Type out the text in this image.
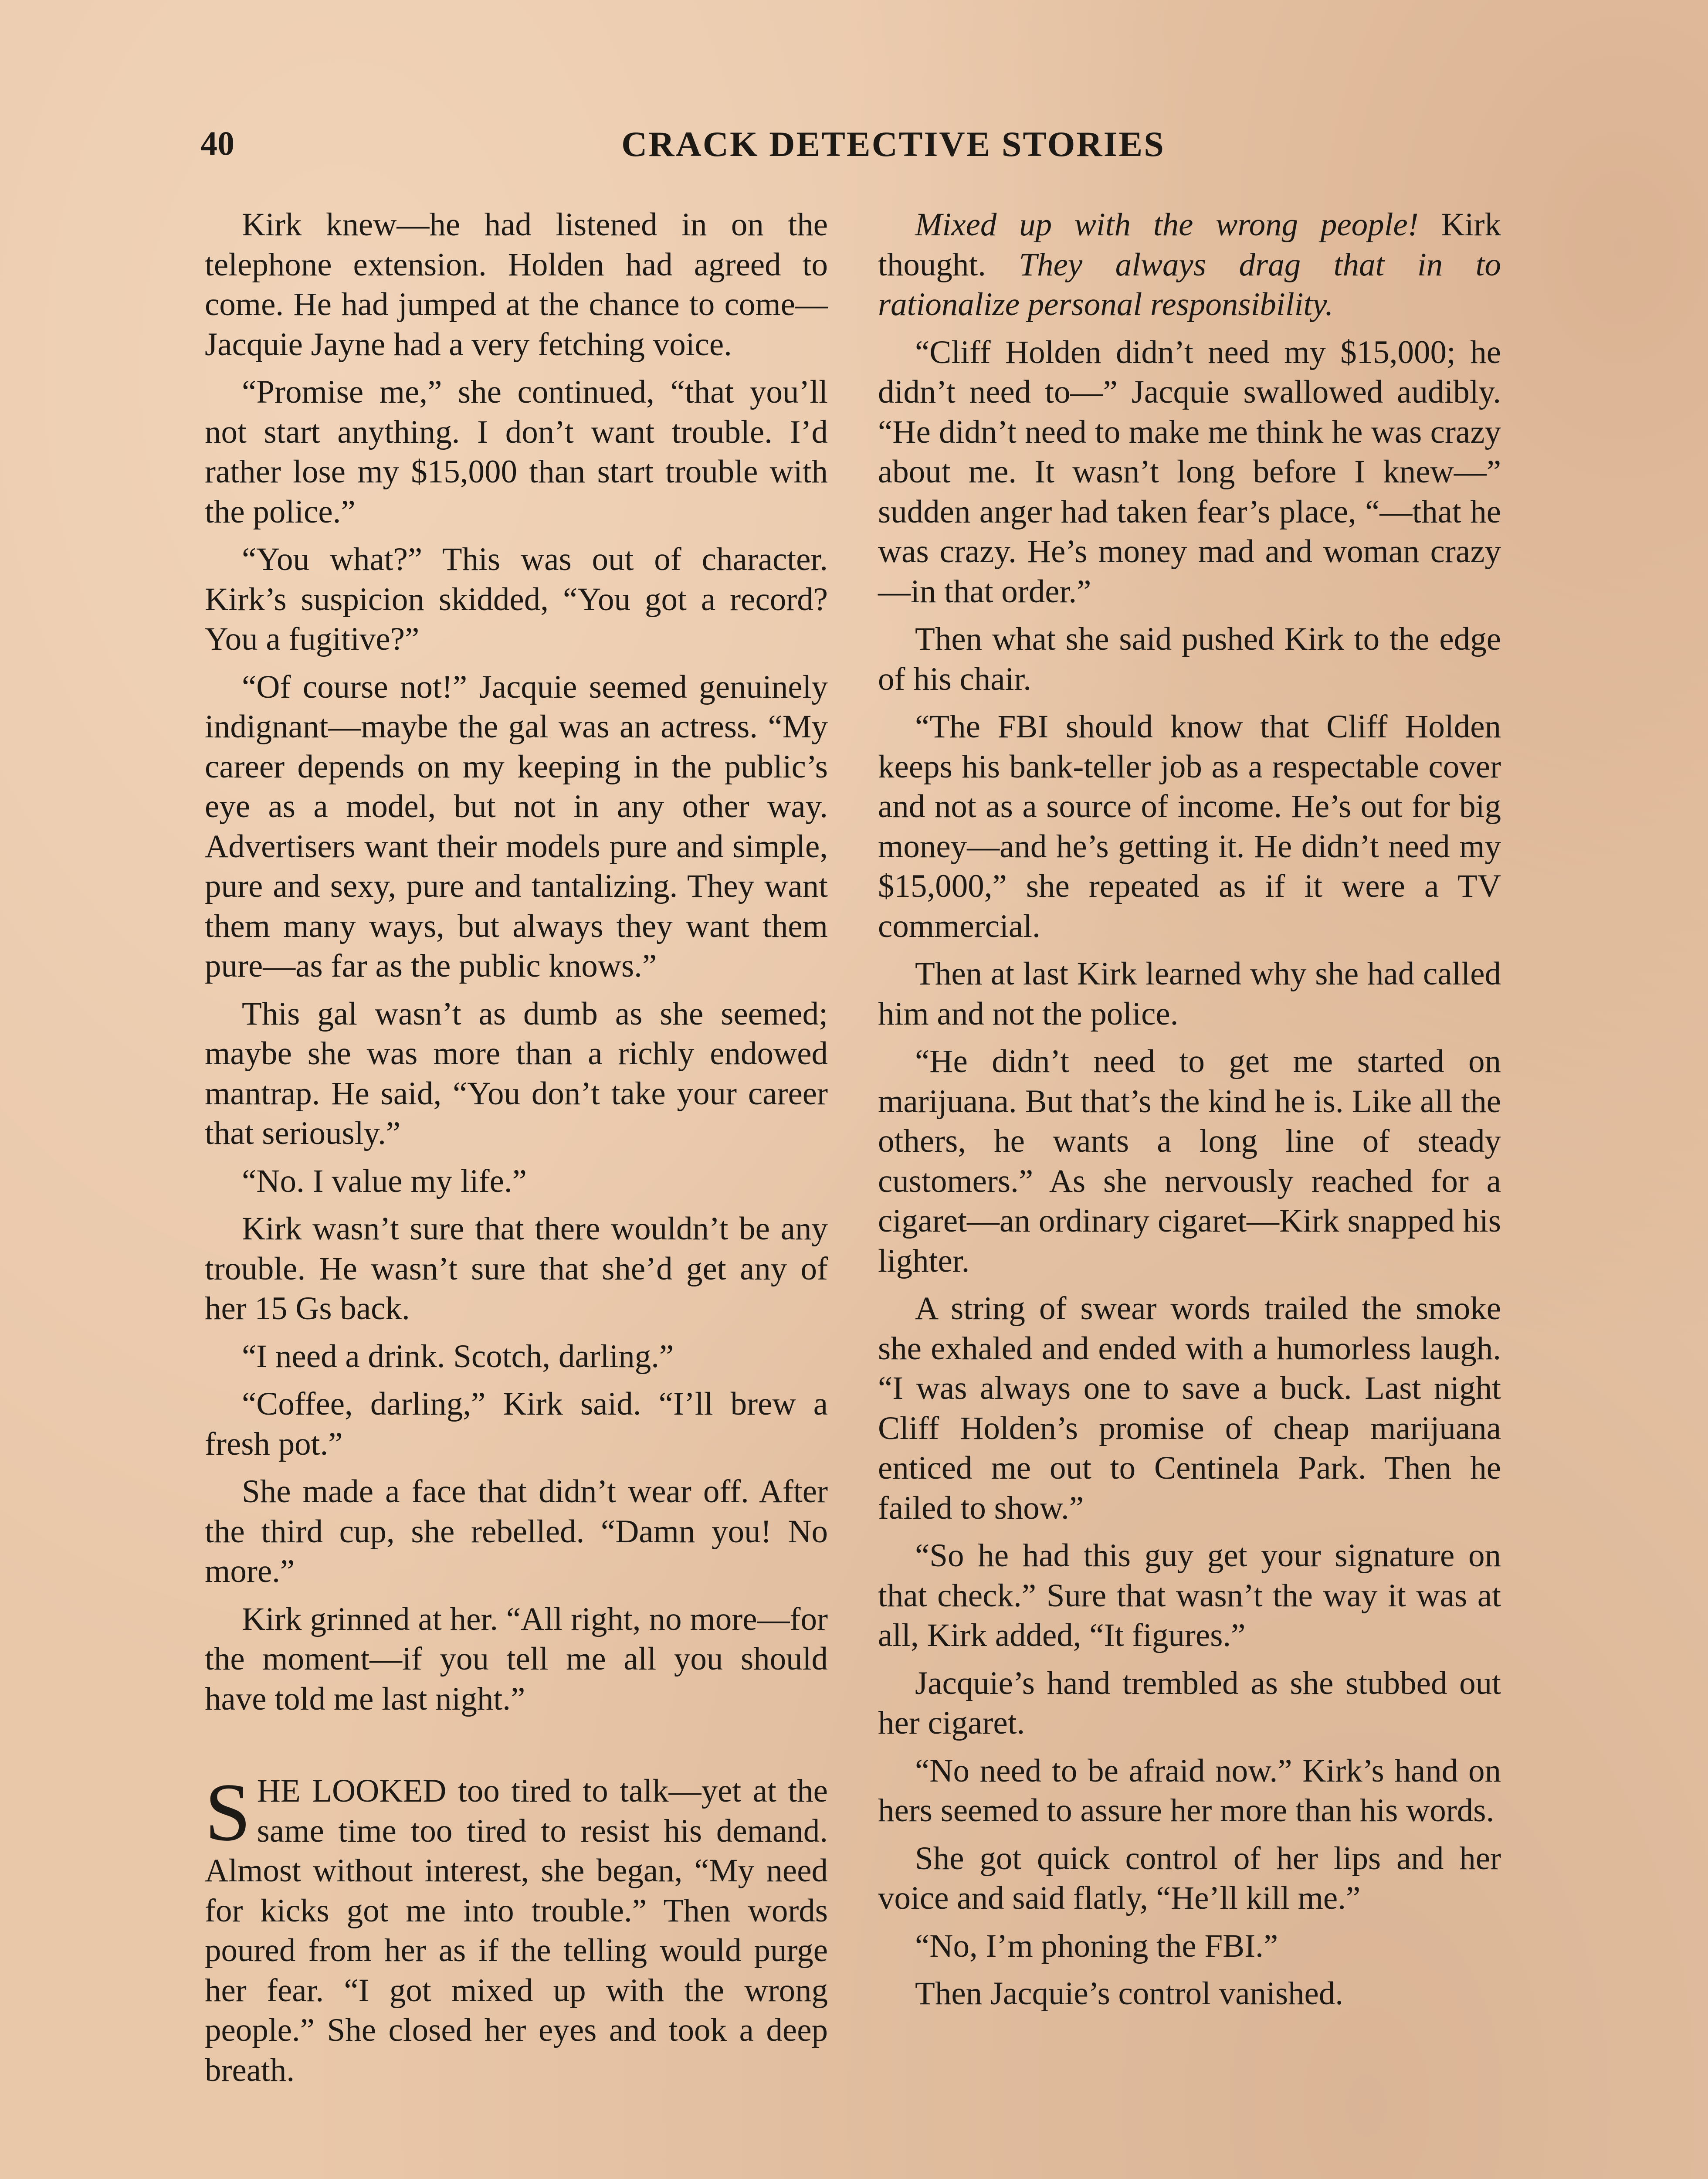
40	CRACK DETECTIVE STORIES

Kirk knew—he had listened in on the telephone extension. Holden had agreed to come. He had jumped at the chance to come—Jacquie Jayne had a very fetching voice.

“Promise me,” she continued, “that you’ll not start anything. I don’t want trouble. I’d rather lose my $15,000 than start trouble with the police.”

“You what?” This was out of character. Kirk’s suspicion skidded, “You got a record? You a fugitive?”

“Of course not!” Jacquie seemed genuinely indignant—maybe the gal was an actress. “My career depends on my keeping in the public’s eye as a model, but not in any other way. Advertisers want their models pure and simple, pure and sexy, pure and tantalizing. They want them many ways, but always they want them pure—as far as the public knows.”

This gal wasn’t as dumb as she seemed; maybe she was more than a richly endowed mantrap. He said, “You don’t take your career that seriously.”

“No. I value my life.”

Kirk wasn’t sure that there wouldn’t be any trouble. He wasn’t sure that she’d get any of her 15 Gs back.

“I need a drink. Scotch, darling.”

“Coffee, darling,” Kirk said. “I’ll brew a fresh pot.”

She made a face that didn’t wear off. After the third cup, she rebelled. “Damn you! No more.”

Kirk grinned at her. “All right, no more—for the moment—if you tell me all you should have told me last night.”

SHE LOOKED too tired to talk—yet at the same time too tired to resist his demand. Almost without interest, she began, “My need for kicks got me into trouble.” Then words poured from her as if the telling would purge her fear. “I got mixed up with the wrong people.” She closed her eyes and took a deep breath.

Mixed up with the wrong people! Kirk thought. They always drag that in to rationalize personal responsibility.

“Cliff Holden didn’t need my $15,000; he didn’t need to—” Jacquie swallowed audibly. “He didn’t need to make me think he was crazy about me. It wasn’t long before I knew—” sudden anger had taken fear’s place, “—that he was crazy. He’s money mad and woman crazy—in that order.”

Then what she said pushed Kirk to the edge of his chair.

“The FBI should know that Cliff Holden keeps his bank-teller job as a respectable cover and not as a source of income. He’s out for big money—and he’s getting it. He didn’t need my $15,000,” she repeated as if it were a TV commercial.

Then at last Kirk learned why she had called him and not the police.

“He didn’t need to get me started on marijuana. But that’s the kind he is. Like all the others, he wants a long line of steady customers.” As she nervously reached for a cigaret—an ordinary cigaret—Kirk snapped his lighter.

A string of swear words trailed the smoke she exhaled and ended with a humorless laugh. “I was always one to save a buck. Last night Cliff Holden’s promise of cheap marijuana enticed me out to Centinela Park. Then he failed to show.”

“So he had this guy get your signature on that check.” Sure that wasn’t the way it was at all, Kirk added, “It figures.”

Jacquie’s hand trembled as she stubbed out her cigaret.

“No need to be afraid now.” Kirk’s hand on hers seemed to assure her more than his words.

She got quick control of her lips and her voice and said flatly, “He’ll kill me.”

“No, I’m phoning the FBI.”

Then Jacquie’s control vanished.
